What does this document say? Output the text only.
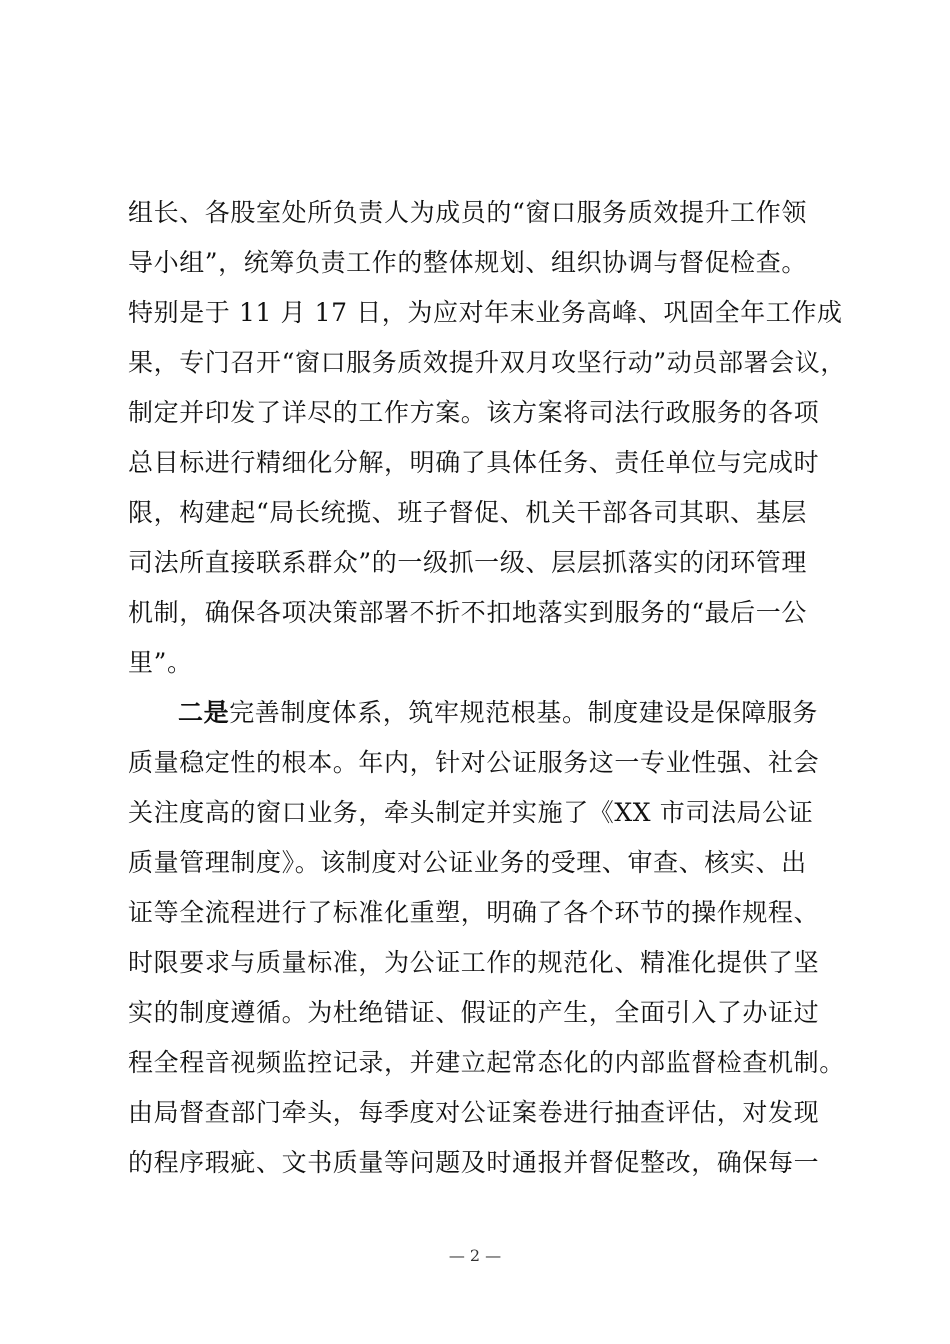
组长、各股室处所负责人为成员的“窗口服务质效提升工作领
导小组”，统筹负责工作的整体规划、组织协调与督促检查。
特别是于 11 月 17 日，为应对年末业务高峰、巩固全年工作成
果，专门召开“窗口服务质效提升双月攻坚行动”动员部署会议，
制定并印发了详尽的工作方案。该方案将司法行政服务的各项
总目标进行精细化分解，明确了具体任务、责任单位与完成时
限，构建起“局长统揽、班子督促、机关干部各司其职、基层
司法所直接联系群众”的一级抓一级、层层抓落实的闭环管理
机制，确保各项决策部署不折不扣地落实到服务的“最后一公
里”。
二是完善制度体系，筑牢规范根基。制度建设是保障服务
质量稳定性的根本。年内，针对公证服务这一专业性强、社会
关注度高的窗口业务，牵头制定并实施了《XX 市司法局公证
质量管理制度》。该制度对公证业务的受理、审查、核实、出
证等全流程进行了标准化重塑，明确了各个环节的操作规程、
时限要求与质量标准，为公证工作的规范化、精准化提供了坚
实的制度遵循。为杜绝错证、假证的产生，全面引入了办证过
程全程音视频监控记录，并建立起常态化的内部监督检查机制。
由局督查部门牵头，每季度对公证案卷进行抽查评估，对发现
的程序瑕疵、文书质量等问题及时通报并督促整改，确保每一
— 2 —
